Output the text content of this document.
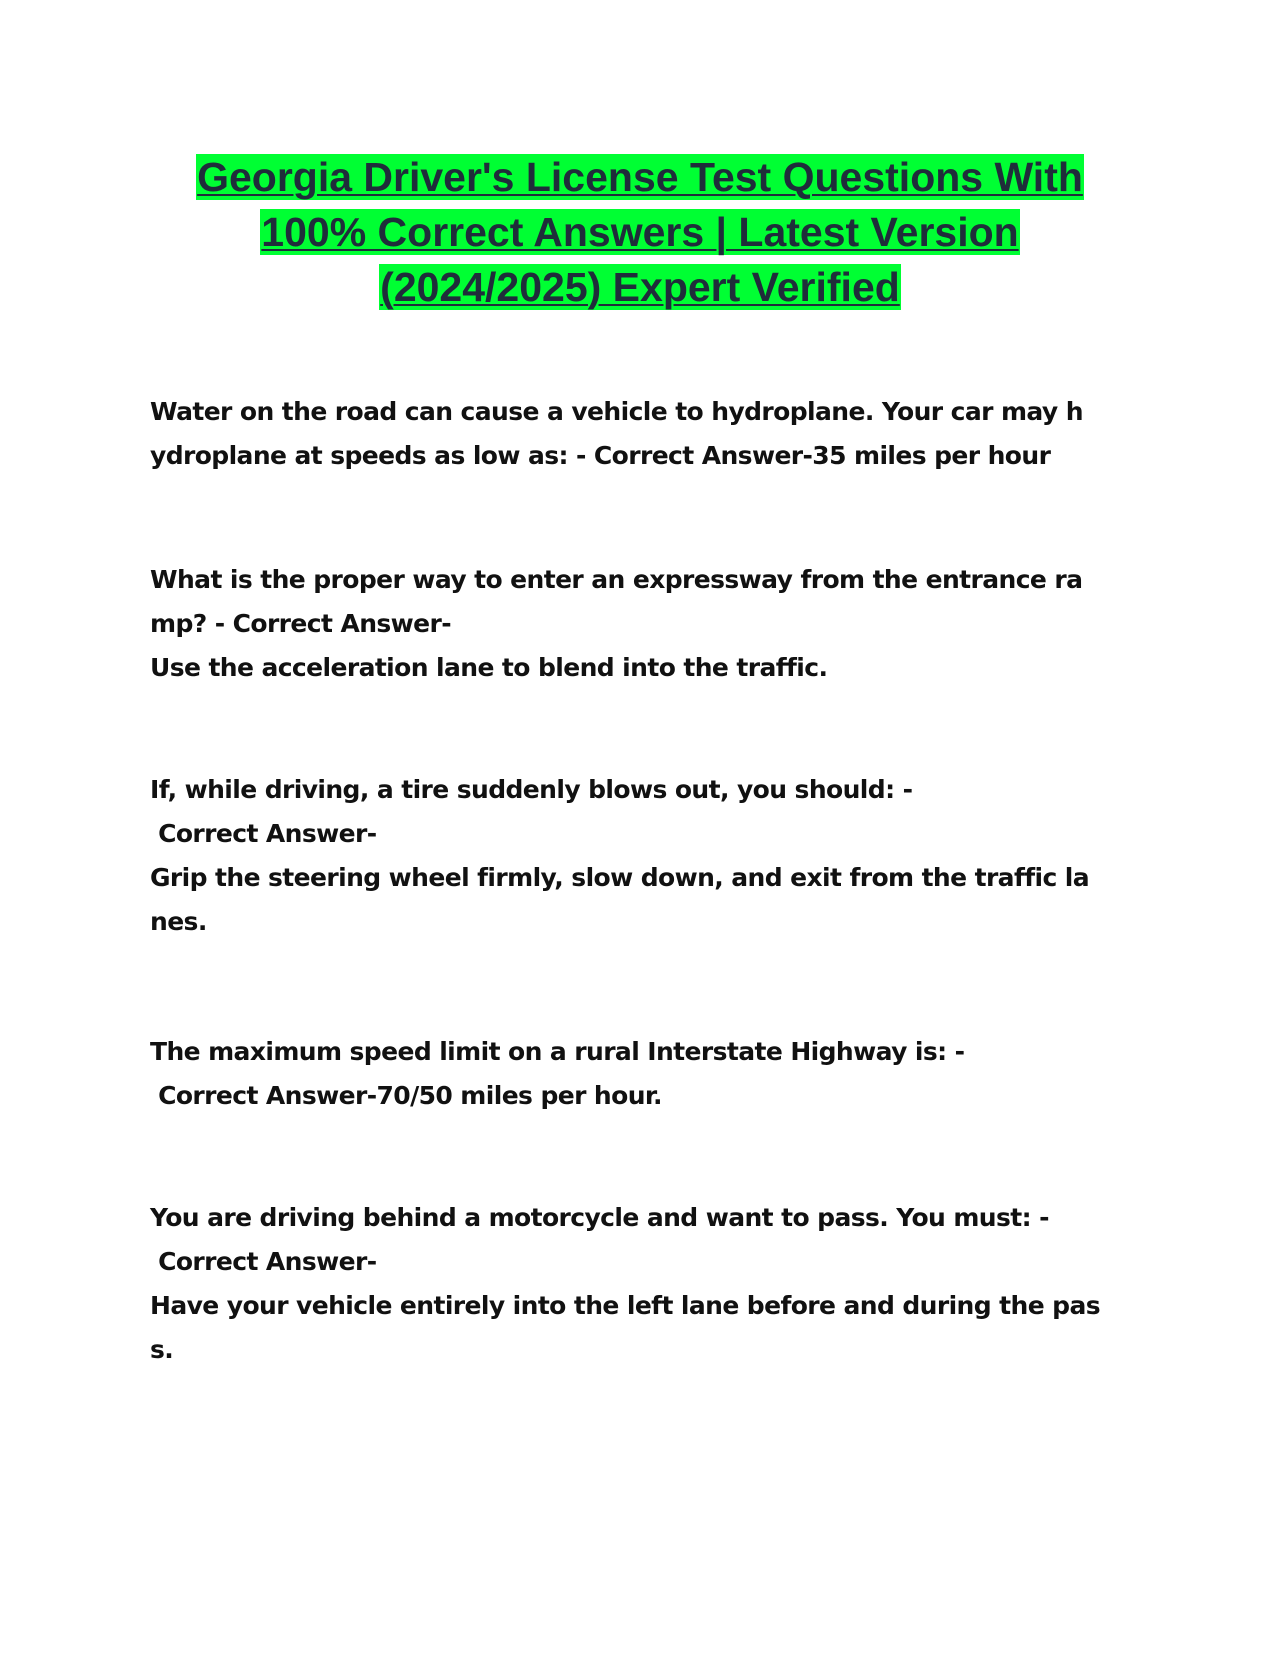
Georgia Driver's License Test Questions With
100% Correct Answers | Latest Version
(2024/2025) Expert Verified
Water on the road can cause a vehicle to hydroplane. Your car may h
ydroplane at speeds as low as: - Correct Answer-35 miles per hour
What is the proper way to enter an expressway from the entrance ra
mp? - Correct Answer-
Use the acceleration lane to blend into the traffic.
If, while driving, a tire suddenly blows out, you should: -
Correct Answer-
Grip the steering wheel firmly, slow down, and exit from the traffic la
nes.
The maximum speed limit on a rural Interstate Highway is: -
Correct Answer-70/50 miles per hour.
You are driving behind a motorcycle and want to pass. You must: -
Correct Answer-
Have your vehicle entirely into the left lane before and during the pas
s.
